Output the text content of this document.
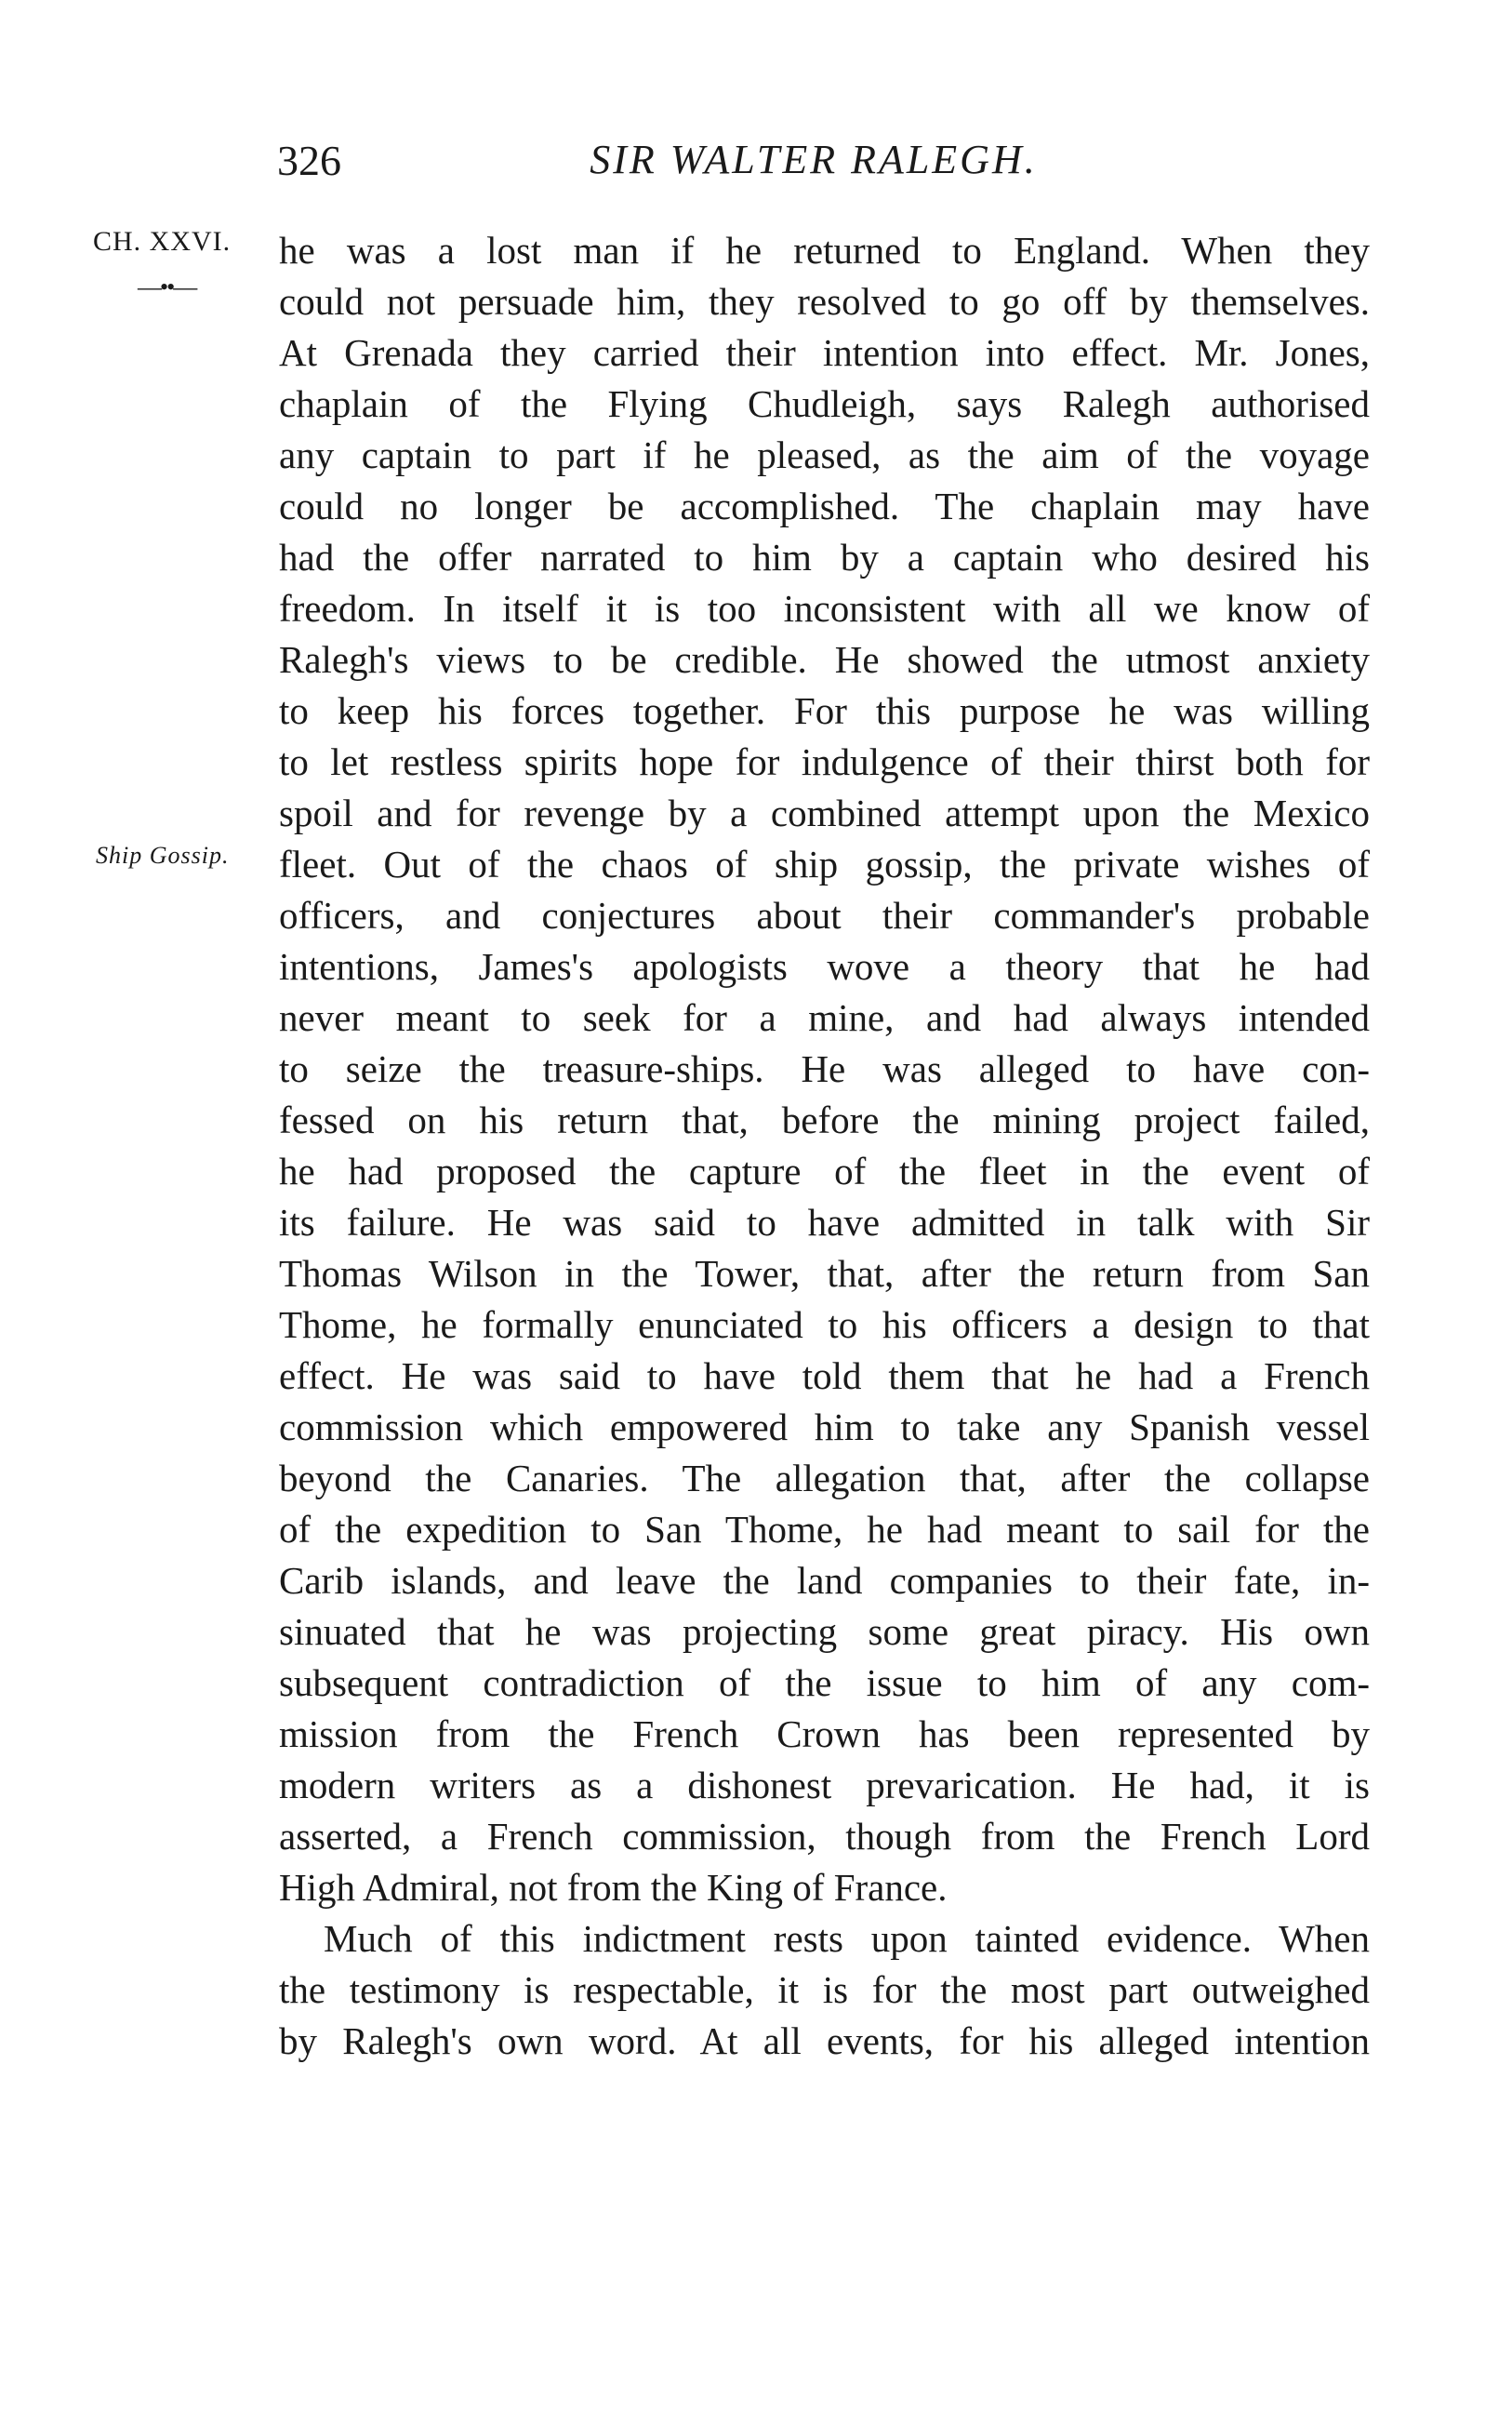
326	SIR WALTER RALEGH.
CH. XXVI.
—••—
Ship Gossip.
he was a lost man if he returned to England. When they
could not persuade him, they resolved to go off by themselves.
At Grenada they carried their intention into effect. Mr. Jones,
chaplain of the Flying Chudleigh, says Ralegh authorised
any captain to part if he pleased, as the aim of the voyage
could no longer be accomplished. The chaplain may have
had the offer narrated to him by a captain who desired his
freedom. In itself it is too inconsistent with all we know of
Ralegh's views to be credible. He showed the utmost anxiety
to keep his forces together. For this purpose he was willing
to let restless spirits hope for indulgence of their thirst both for
spoil and for revenge by a combined attempt upon the Mexico
fleet. Out of the chaos of ship gossip, the private wishes of
officers, and conjectures about their commander's probable
intentions, James's apologists wove a theory that he had
never meant to seek for a mine, and had always intended
to seize the treasure-ships. He was alleged to have con-
fessed on his return that, before the mining project failed,
he had proposed the capture of the fleet in the event of
its failure. He was said to have admitted in talk with Sir
Thomas Wilson in the Tower, that, after the return from San
Thome, he formally enunciated to his officers a design to that
effect. He was said to have told them that he had a French
commission which empowered him to take any Spanish vessel
beyond the Canaries. The allegation that, after the collapse
of the expedition to San Thome, he had meant to sail for the
Carib islands, and leave the land companies to their fate, in-
sinuated that he was projecting some great piracy. His own
subsequent contradiction of the issue to him of any com-
mission from the French Crown has been represented by
modern writers as a dishonest prevarication. He had, it is
asserted, a French commission, though from the French Lord
High Admiral, not from the King of France.
Much of this indictment rests upon tainted evidence. When
the testimony is respectable, it is for the most part outweighed
by Ralegh's own word. At all events, for his alleged intention
